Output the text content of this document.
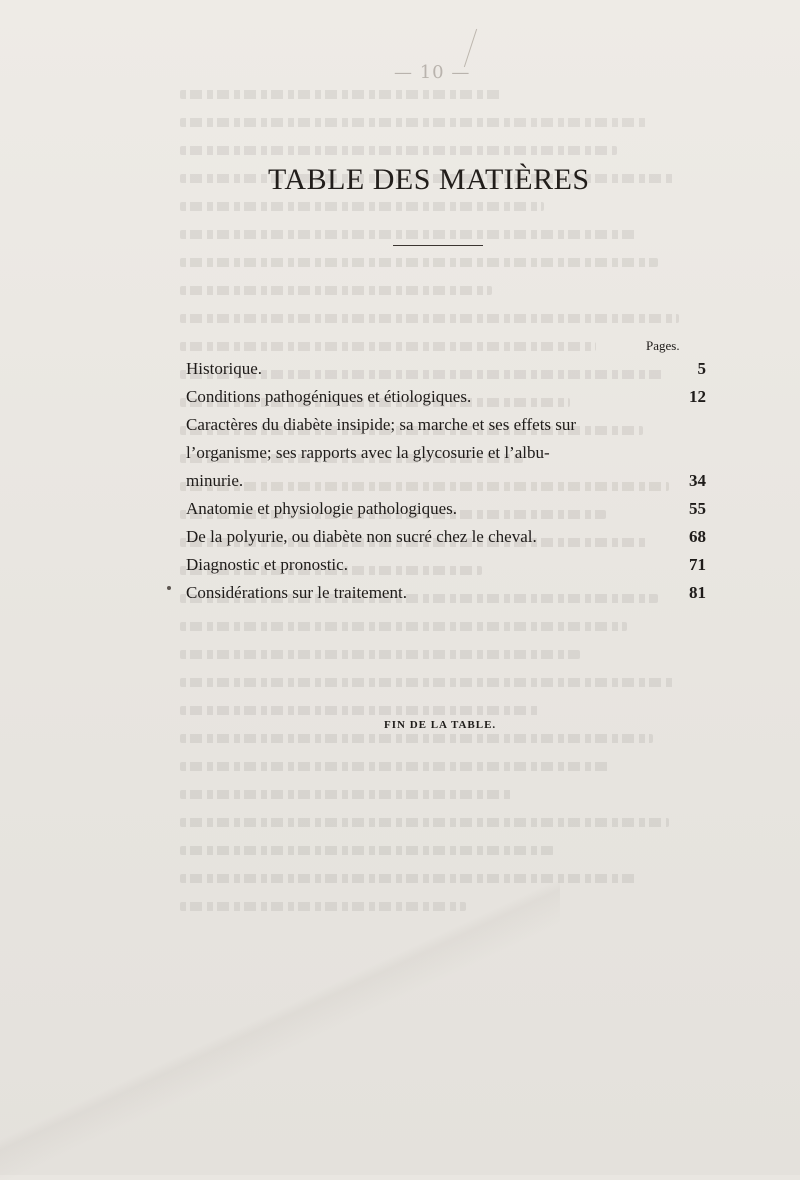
— 10 —
TABLE DES MATIÈRES
Pages.
Historique.	5
Conditions pathogéniques et étiologiques.	12
Caractères du diabète insipide; sa marche et ses effets sur
l’organisme; ses rapports avec la glycosurie et l’albu-
minurie.	34
Anatomie et physiologie pathologiques.	55
De la polyurie, ou diabète non sucré chez le cheval.	68
Diagnostic et pronostic.	71
Considérations sur le traitement.	81
FIN DE LA TABLE.
